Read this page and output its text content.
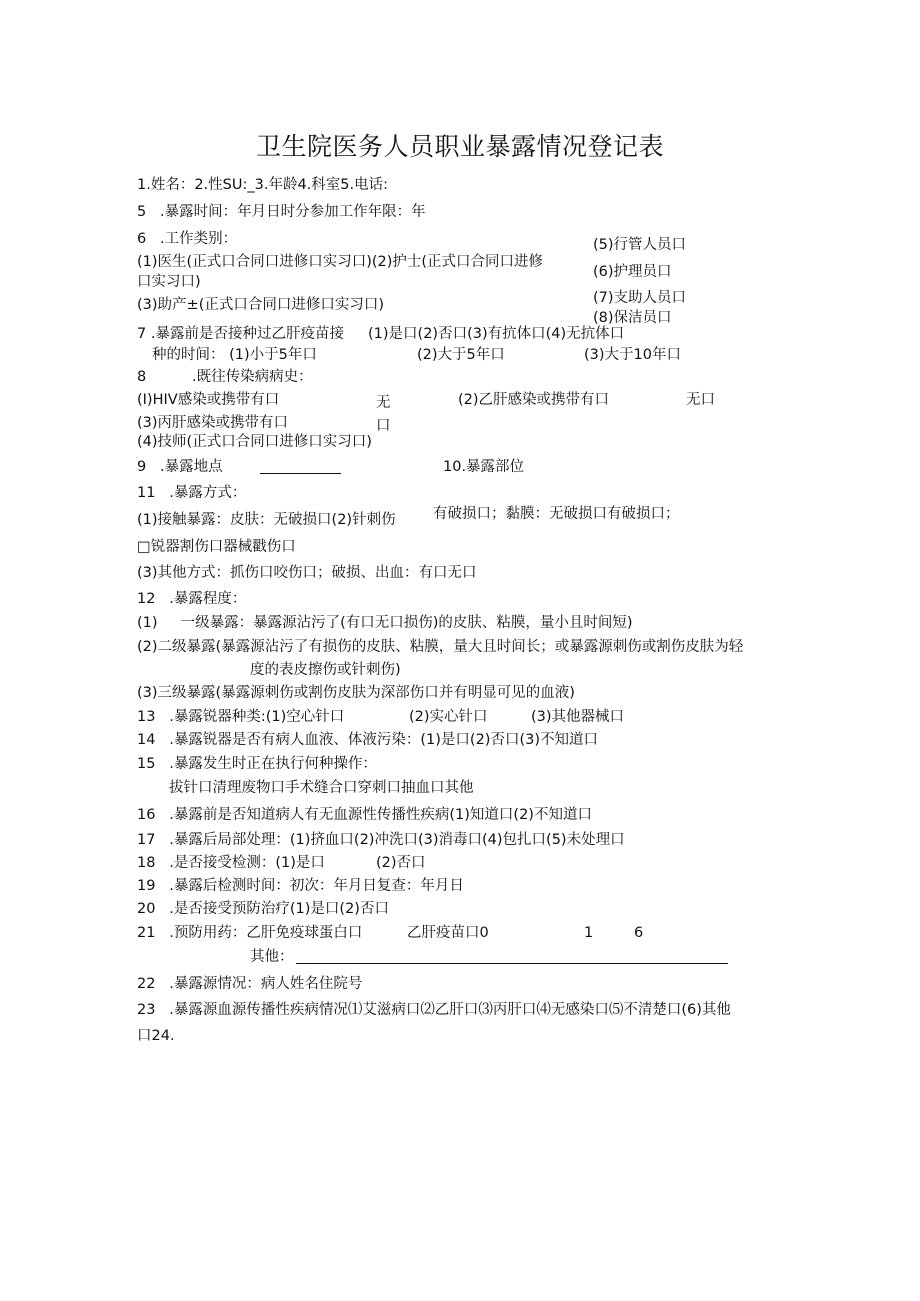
卫生院医务人员职业暴露情况登记表
1.姓名：2.性SU:_3.年龄4.科室5.电话:
5   .暴露时间：年月日时分参加工作年限：年
6   .工作类别：
(1)医生(正式口合同口进修口实习口)(2)护士(正式口合同口进修
口实习口)
(3)助产±(正式口合同口进修口实习口)
(5)行管人员口
(6)护理员口
(7)支助人员口
(8)保洁员口
7 .暴露前是否接种过乙肝疫苗接 (1)是口(2)否口(3)有抗体口(4)无抗体口
种的时间： (1)小于5年口	(2)大于5年口	(3)大于10年口
8	.既往传染病病史：
(I)HIV感染或携带有口	无	(2)乙肝感染或携带有口	无口
(3)丙肝感染或携带有口	口
(4)技师(正式口合同口进修口实习口)
9   .暴露地点	10.暴露部位
11   .暴露方式：
(1)接触暴露：皮肤：无破损口(2)针刺伤	有破损口；黏膜：无破损口有破损口；
□锐器割伤口器械戳伤口
(3)其他方式：抓伤口咬伤口；破损、出血：有口无口
12   .暴露程度：
(1)     一级暴露：暴露源沾污了(有口无口损伤)的皮肤、粘膜，量小且时间短)
(2)二级暴露(暴露源沾污了有损伤的皮肤、粘膜，量大且时间长；或暴露源刺伤或割伤皮肤为轻
度的表皮擦伤或针刺伤)
(3)三级暴露(暴露源刺伤或割伤皮肤为深部伤口并有明显可见的血液)
13   .暴露锐器种类:(1)空心针口	(2)实心针口	(3)其他器械口
14   .暴露锐器是否有病人血液、体液污染：(1)是口(2)否口(3)不知道口
15   .暴露发生时正在执行何种操作：
拔针口清理废物口手术缝合口穿刺口抽血口其他
16   .暴露前是否知道病人有无血源性传播性疾病(1)知道口(2)不知道口
17   .暴露后局部处理：(1)挤血口(2)冲洗口(3)消毒口(4)包扎口(5)未处理口
18   .是否接受检测：(1)是口	(2)否口
19   .暴露后检测时间：初次：年月日复查：年月日
20   .是否接受预防治疗(1)是口(2)否口
21   .预防用药：乙肝免疫球蛋白口	乙肝疫苗口0	1	6
其他：
22   .暴露源情况：病人姓名住院号
23   .暴露源血源传播性疾病情况⑴艾滋病口⑵乙肝口⑶丙肝口⑷无感染口⑸不清楚口(6)其他
口24.
